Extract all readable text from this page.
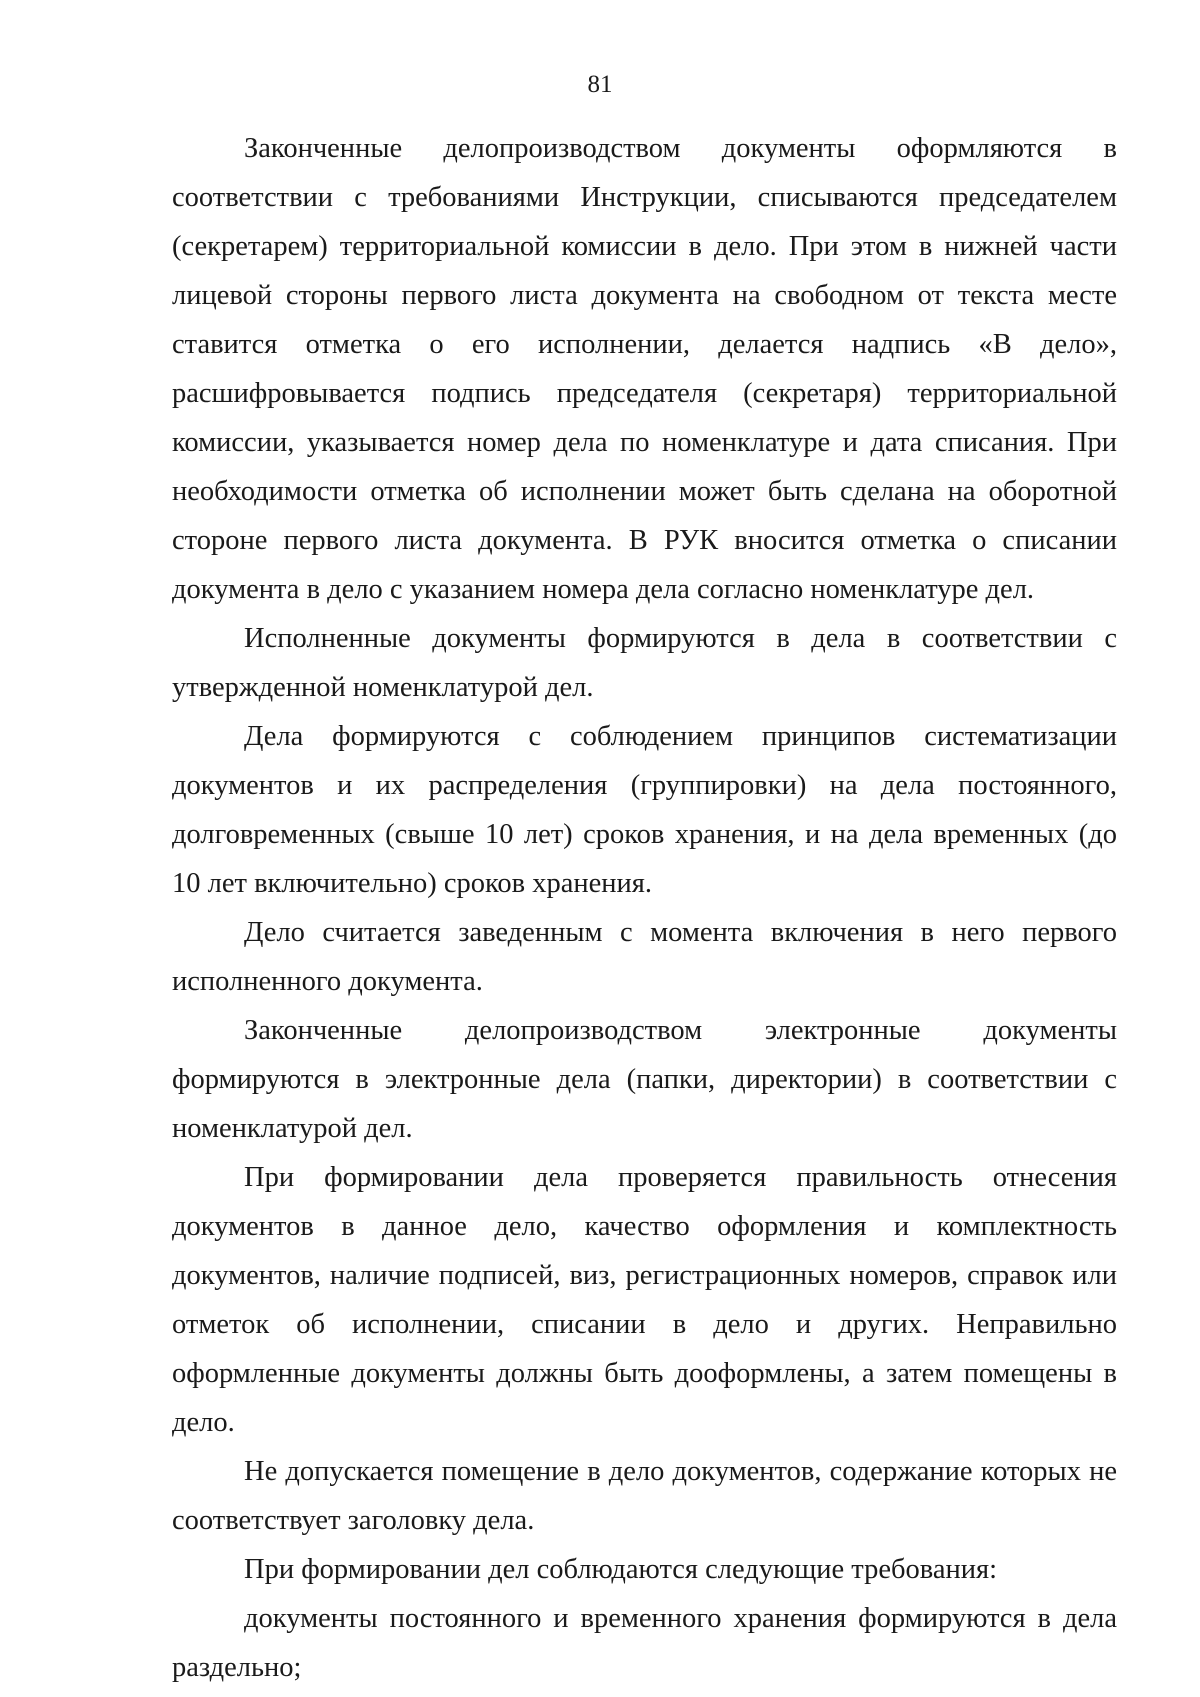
81

Законченные делопроизводством документы оформляются в соответствии с требованиями Инструкции, списываются председателем (секретарем) территориальной комиссии в дело. При этом в нижней части лицевой стороны первого листа документа на свободном от текста месте ставится отметка о его исполнении, делается надпись «В дело», расшифровывается подпись председателя (секретаря) территориальной комиссии, указывается номер дела по номенклатуре и дата списания. При необходимости отметка об исполнении может быть сделана на оборотной стороне первого листа документа. В РУК вносится отметка о списании документа в дело с указанием номера дела согласно номенклатуре дел.

Исполненные документы формируются в дела в соответствии с утвержденной номенклатурой дел.

Дела формируются с соблюдением принципов систематизации документов и их распределения (группировки) на дела постоянного, долговременных (свыше 10 лет) сроков хранения, и на дела временных (до 10 лет включительно) сроков хранения.

Дело считается заведенным с момента включения в него первого исполненного документа.

Законченные делопроизводством электронные документы формируются в электронные дела (папки, директории) в соответствии с номенклатурой дел.

При формировании дела проверяется правильность отнесения документов в данное дело, качество оформления и комплектность документов, наличие подписей, виз, регистрационных номеров, справок или отметок об исполнении, списании в дело и других. Неправильно оформленные документы должны быть дооформлены, а затем помещены в дело.

Не допускается помещение в дело документов, содержание которых не соответствует заголовку дела.

При формировании дел соблюдаются следующие требования:

документы постоянного и временного хранения формируются в дела раздельно;
